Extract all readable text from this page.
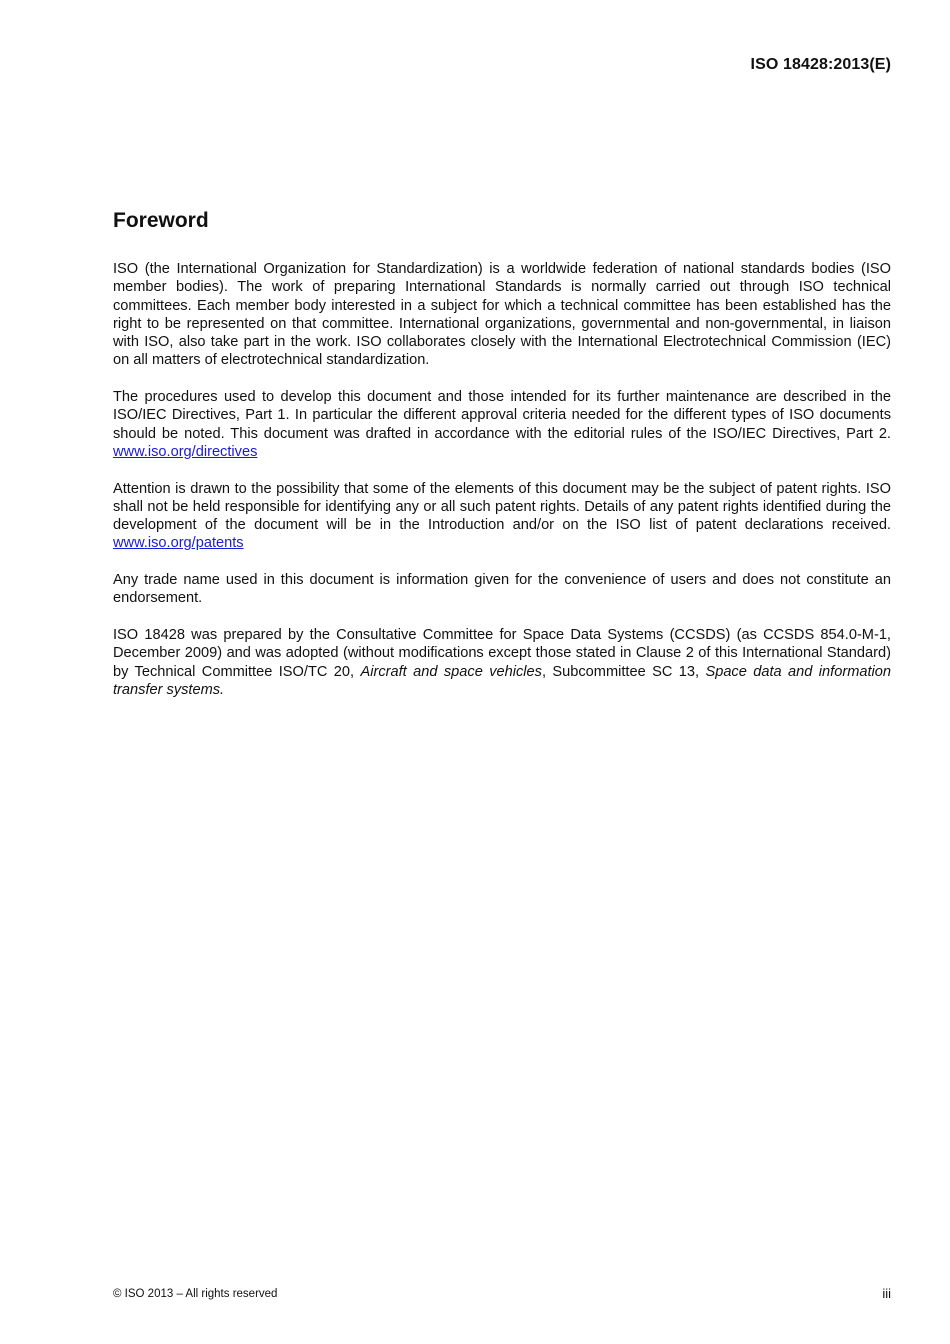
ISO 18428:2013(E)
Foreword

ISO (the International Organization for Standardization) is a worldwide federation of national standards bodies (ISO member bodies). The work of preparing International Standards is normally carried out through ISO technical committees. Each member body interested in a subject for which a technical committee has been established has the right to be represented on that committee. International organizations, governmental and non-governmental, in liaison with ISO, also take part in the work. ISO collaborates closely with the International Electrotechnical Commission (IEC) on all matters of electrotechnical standardization.

The procedures used to develop this document and those intended for its further maintenance are described in the ISO/IEC Directives, Part 1. In particular the different approval criteria needed for the different types of ISO documents should be noted. This document was drafted in accordance with the editorial rules of the ISO/IEC Directives, Part 2. www.iso.org/directives

Attention is drawn to the possibility that some of the elements of this document may be the subject of patent rights. ISO shall not be held responsible for identifying any or all such patent rights. Details of any patent rights identified during the development of the document will be in the Introduction and/or on the ISO list of patent declarations received. www.iso.org/patents

Any trade name used in this document is information given for the convenience of users and does not constitute an endorsement.

ISO 18428 was prepared by the Consultative Committee for Space Data Systems (CCSDS) (as CCSDS 854.0-M-1, December 2009) and was adopted (without modifications except those stated in Clause 2 of this International Standard) by Technical Committee ISO/TC 20, Aircraft and space vehicles, Subcommittee SC 13, Space data and information transfer systems.

© ISO 2013 – All rights reserved	iii
